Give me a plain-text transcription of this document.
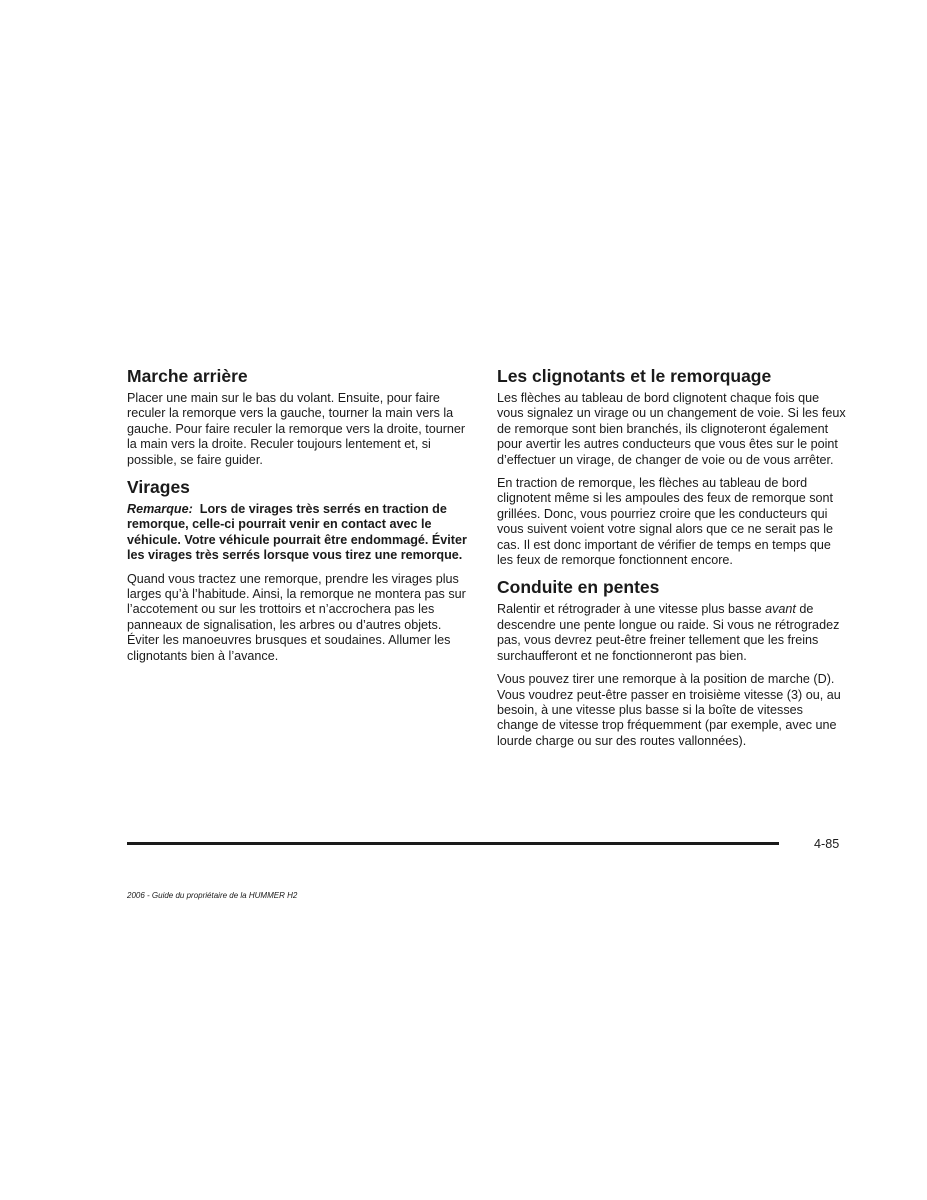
Marche arrière

Placer une main sur le bas du volant. Ensuite, pour faire reculer la remorque vers la gauche, tourner la main vers la gauche. Pour faire reculer la remorque vers la droite, tourner la main vers la droite. Reculer toujours lentement et, si possible, se faire guider.

Virages

Remarque: Lors de virages très serrés en traction de remorque, celle-ci pourrait venir en contact avec le véhicule. Votre véhicule pourrait être endommagé. Éviter les virages très serrés lorsque vous tirez une remorque.

Quand vous tractez une remorque, prendre les virages plus larges qu’à l’habitude. Ainsi, la remorque ne montera pas sur l’accotement ou sur les trottoirs et n’accrochera pas les panneaux de signalisation, les arbres ou d’autres objets. Éviter les manoeuvres brusques et soudaines. Allumer les clignotants bien à l’avance.

Les clignotants et le remorquage

Les flèches au tableau de bord clignotent chaque fois que vous signalez un virage ou un changement de voie. Si les feux de remorque sont bien branchés, ils clignoteront également pour avertir les autres conducteurs que vous êtes sur le point d’effectuer un virage, de changer de voie ou de vous arrêter.

En traction de remorque, les flèches au tableau de bord clignotent même si les ampoules des feux de remorque sont grillées. Donc, vous pourriez croire que les conducteurs qui vous suivent voient votre signal alors que ce ne serait pas le cas. Il est donc important de vérifier de temps en temps que les feux de remorque fonctionnent encore.

Conduite en pentes

Ralentir et rétrograder à une vitesse plus basse avant de descendre une pente longue ou raide. Si vous ne rétrogradez pas, vous devrez peut-être freiner tellement que les freins surchaufferont et ne fonctionneront pas bien.

Vous pouvez tirer une remorque à la position de marche (D). Vous voudrez peut-être passer en troisième vitesse (3) ou, au besoin, à une vitesse plus basse si la boîte de vitesses change de vitesse trop fréquemment (par exemple, avec une lourde charge ou sur des routes vallonnées).

4-85
2006 - Guide du propriétaire de la HUMMER H2
